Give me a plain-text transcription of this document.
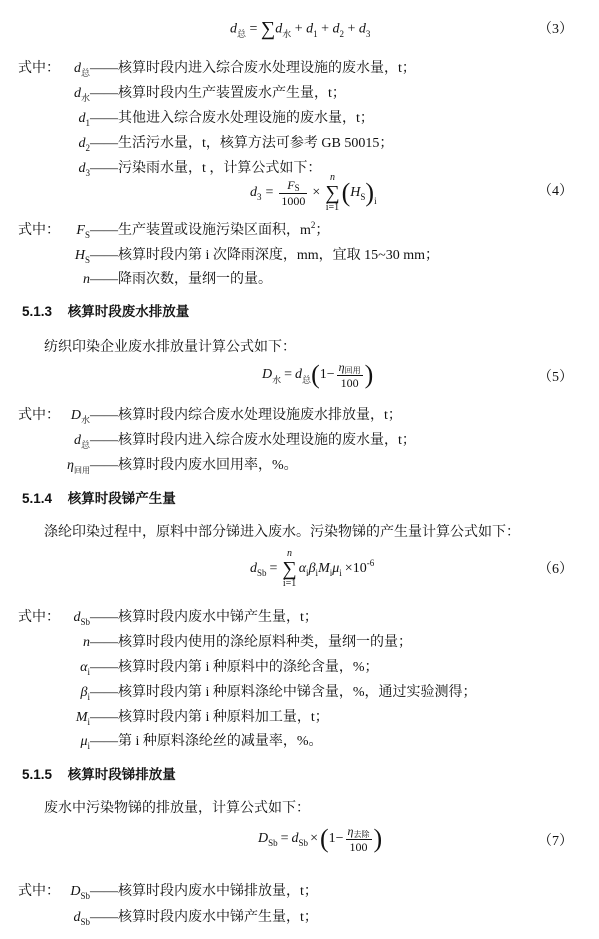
$d_总 = \sum d_水 + d_1 + d_2 + d_3$	（3）
式中： $d_总——$核算时段内进入综合废水处理设施的废水量，t；
$d_水——$核算时段内生产装置废水产生量，t；
$d_1——$其他进入综合废水处理设施的废水量，t；
$d_2——$生活污水量，t，核算方法可参考 GB 50015；
$d_3——$污染雨水量，t ，计算公式如下：
d $3 = \frac{FS}{1000}$ ×
n
∑
i=1
( H S ) i
（4）
式中： $F_S——$生产装置或设施污染区面积，$m^2$；
$H_S——$核算时段内第 i 次降雨深度，mm，宜取 15~30 mm；
n——降雨次数，量纲一的量。
5.1.3 核算时段废水排放量
纺织印染企业废水排放量计算公式如下：
D 水 = d 总 ( $1- \frac{\text{η回用}}{100}$ )	（5）
式中： $D_水——$核算时段内综合废水处理设施废水排放量，t；
$d_总——$核算时段内进入综合废水处理设施的废水量，t；
$\eta_{回用}——$核算时段内废水回用率，%。
5.1.4 核算时段锑产生量
涤纶印染过程中，原料中部分锑进入废水。污染物锑的产生量计算公式如下：
d Sb =
n
∑
i=1
α i β i M i μ i ×10 -6	（6）
式中： $d_{Sb}——$核算时段内废水中锑产生量，t；
n——核算时段内使用的涤纶原料种类，量纲一的量；
$\alpha_i——$核算时段内第 i 种原料中的涤纶含量，%；
$\beta_i——$核算时段内第 i 种原料涤纶中锑含量，%，通过实验测得；
$M_i——$核算时段内第 i 种原料加工量，t；
$\mu_i——$第 i 种原料涤纶丝的减量率，%。
5.1.5 核算时段锑排放量
废水中污染物锑的排放量，计算公式如下：
D Sb = d Sb × ( $1- \frac{\text{η去除}}{100}$ )	（7）
式中： $D_{Sb}——$核算时段内废水中锑排放量，t；
$d_{Sb}——$核算时段内废水中锑产生量，t；
